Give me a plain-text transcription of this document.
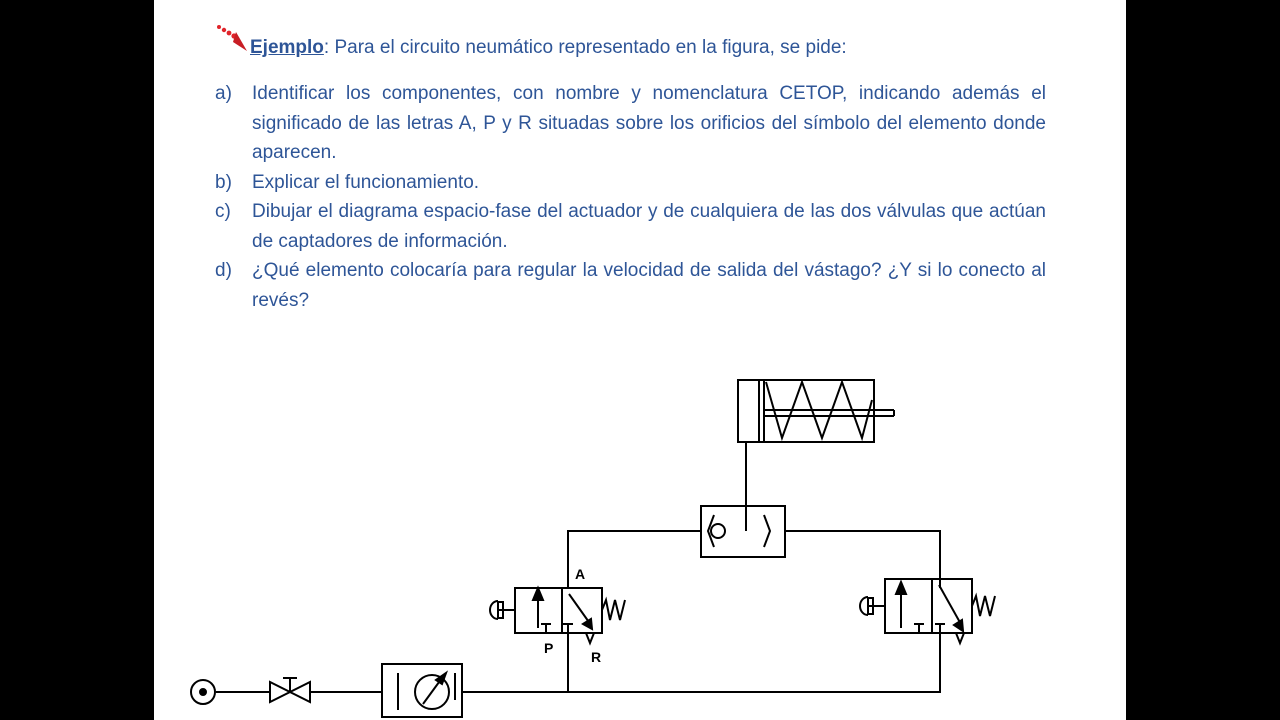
Ejemplo: Para el circuito neumático representado en la figura, se pide:
a) Identificar los componentes, con nombre y nomenclatura CETOP, indicando además el significado de las letras A, P y R situadas sobre los orificios del símbolo del elemento donde aparecen.
b) Explicar el funcionamiento.
c) Dibujar el diagrama espacio-fase del actuador y de cualquiera de las dos válvulas que actúan de captadores de información.
d) ¿Qué elemento colocaría para regular la velocidad de salida del vástago? ¿Y si lo conecto al revés?
A
P
R
